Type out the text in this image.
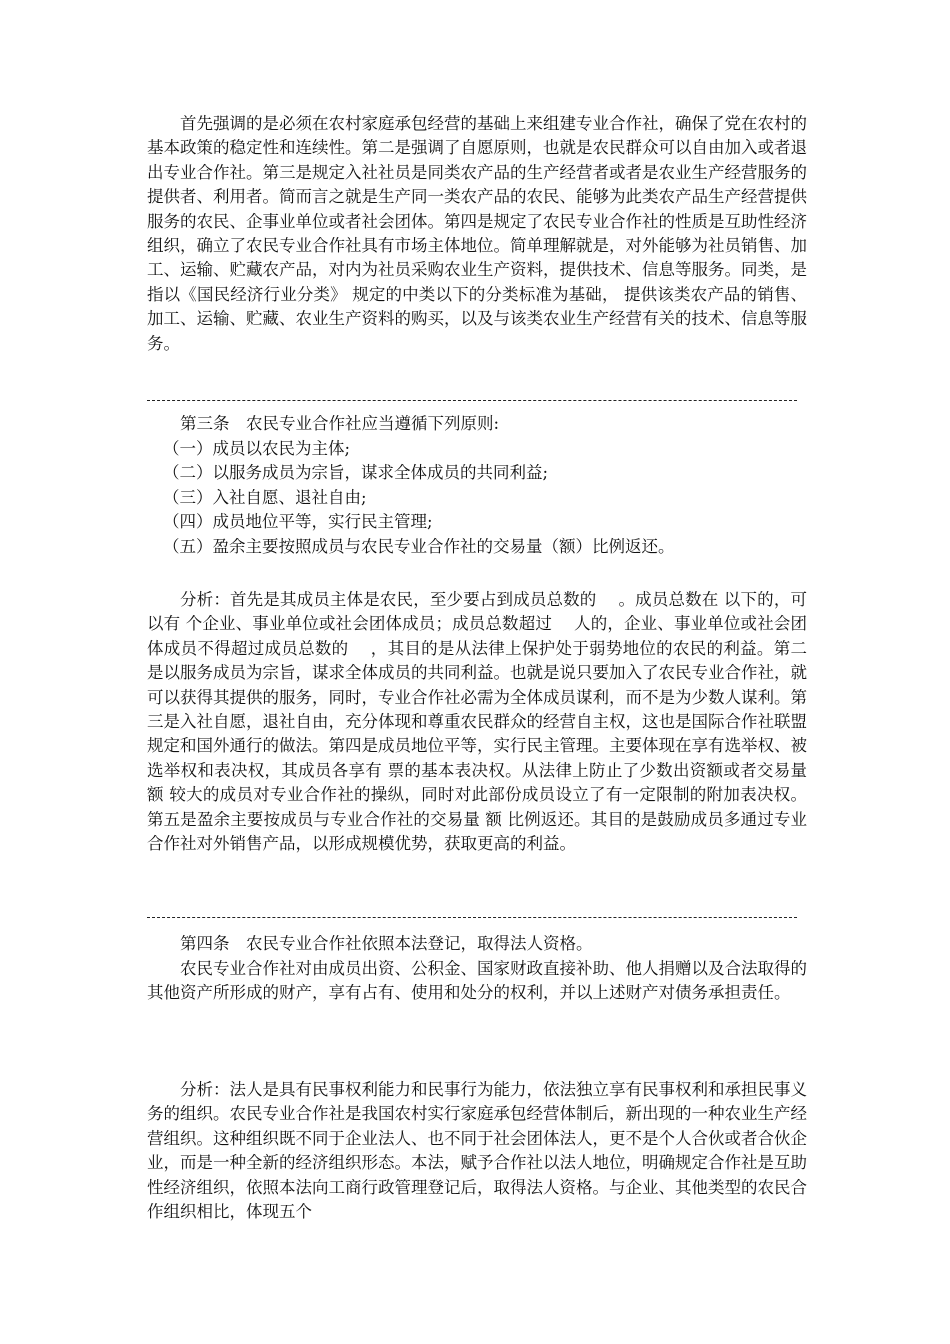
首先强调的是必须在农村家庭承包经营的基础上来组建专业合作社，确保了党在农村的基本政策的稳定性和连续性。第二是强调了自愿原则，也就是农民群众可以自由加入或者退出专业合作社。第三是规定入社社员是同类农产品的生产经营者或者是农业生产经营服务的提供者、利用者。简而言之就是生产同一类农产品的农民、能够为此类农产品生产经营提供服务的农民、企事业单位或者社会团体。第四是规定了农民专业合作社的性质是互助性经济组织，确立了农民专业合作社具有市场主体地位。简单理解就是，对外能够为社员销售、加工、运输、贮藏农产品，对内为社员采购农业生产资料，提供技术、信息等服务。同类，是指以《国民经济行业分类》 规定的中类以下的分类标准为基础， 提供该类农产品的销售、加工、运输、贮藏、农业生产资料的购买，以及与该类农业生产经营有关的技术、信息等服务。

第三条　农民专业合作社应当遵循下列原则:

（一）成员以农民为主体;

（二）以服务成员为宗旨，谋求全体成员的共同利益;

（三）入社自愿、退社自由;

（四）成员地位平等，实行民主管理;

（五）盈余主要按照成员与农民专业合作社的交易量（额）比例返还。

分析：首先是其成员主体是农民，至少要占到成员总数的 　。成员总数在 以下的，可以有 个企业、事业单位或社会团体成员；成员总数超过 　人的，企业、事业单位或社会团体成员不得超过成员总数的 　，其目的是从法律上保护处于弱势地位的农民的利益。第二是以服务成员为宗旨，谋求全体成员的共同利益。也就是说只要加入了农民专业合作社，就可以获得其提供的服务，同时，专业合作社必需为全体成员谋利，而不是为少数人谋利。第三是入社自愿，退社自由，充分体现和尊重农民群众的经营自主权，这也是国际合作社联盟规定和国外通行的做法。第四是成员地位平等，实行民主管理。主要体现在享有选举权、被选举权和表决权，其成员各享有 票的基本表决权。从法律上防止了少数出资额或者交易量 额 较大的成员对专业合作社的操纵，同时对此部份成员设立了有一定限制的附加表决权。第五是盈余主要按成员与专业合作社的交易量 额 比例返还。其目的是鼓励成员多通过专业合作社对外销售产品，以形成规模优势，获取更高的利益。

第四条　农民专业合作社依照本法登记，取得法人资格。

农民专业合作社对由成员出资、公积金、国家财政直接补助、他人捐赠以及合法取得的其他资产所形成的财产，享有占有、使用和处分的权利，并以上述财产对债务承担责任。

分析：法人是具有民事权利能力和民事行为能力，依法独立享有民事权利和承担民事义务的组织。农民专业合作社是我国农村实行家庭承包经营体制后，新出现的一种农业生产经营组织。这种组织既不同于企业法人、也不同于社会团体法人，更不是个人合伙或者合伙企业，而是一种全新的经济组织形态。本法，赋予合作社以法人地位，明确规定合作社是互助性经济组织，依照本法向工商行政管理登记后，取得法人资格。与企业、其他类型的农民合作组织相比，体现五个
